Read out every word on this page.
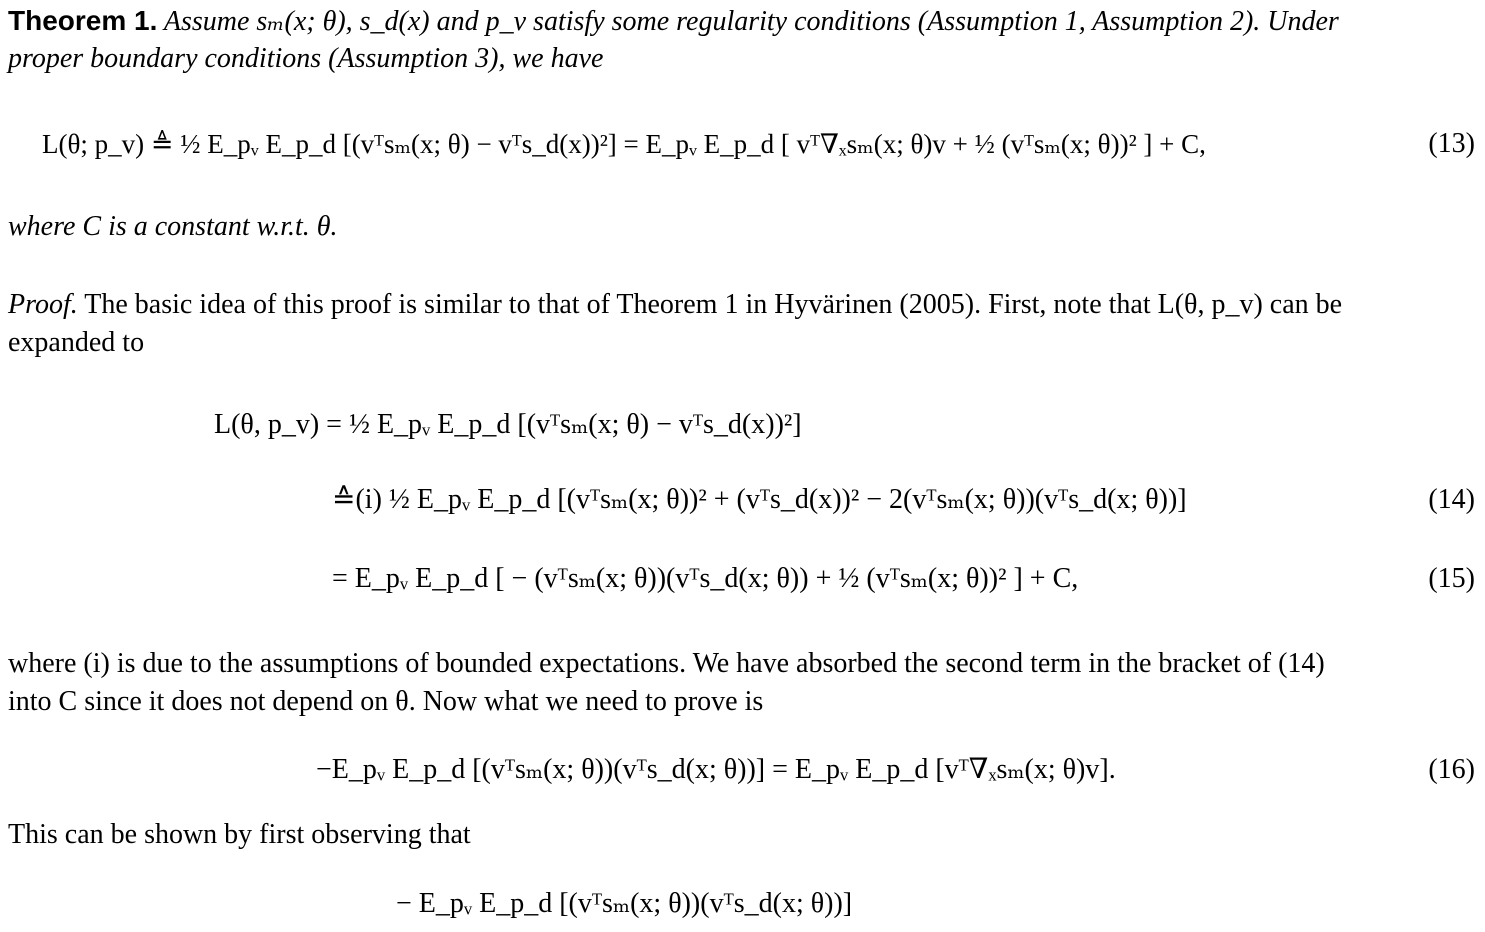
Theorem 1. Assume sₘ(x; θ), s_d(x) and p_v satisfy some regularity conditions (Assumption 1, Assumption 2). Under
proper boundary conditions (Assumption 3), we have
L(θ; p_v) ≜ ½ E_pᵥ E_p_d [(vᵀsₘ(x; θ) − vᵀs_d(x))²] = E_pᵥ E_p_d [ vᵀ∇ₓsₘ(x; θ)v + ½ (vᵀsₘ(x; θ))² ] + C,	(13)
where C is a constant w.r.t. θ.
Proof. The basic idea of this proof is similar to that of Theorem 1 in Hyvärinen (2005). First, note that L(θ, p_v) can be
expanded to
L(θ, p_v) = ½ E_pᵥ E_p_d [(vᵀsₘ(x; θ) − vᵀs_d(x))²]
≙(i) ½ E_pᵥ E_p_d [(vᵀsₘ(x; θ))² + (vᵀs_d(x))² − 2(vᵀsₘ(x; θ))(vᵀs_d(x; θ))]	(14)
= E_pᵥ E_p_d [ − (vᵀsₘ(x; θ))(vᵀs_d(x; θ)) + ½ (vᵀsₘ(x; θ))² ] + C,	(15)
where (i) is due to the assumptions of bounded expectations. We have absorbed the second term in the bracket of (14)
into C since it does not depend on θ. Now what we need to prove is
−E_pᵥ E_p_d [(vᵀsₘ(x; θ))(vᵀs_d(x; θ))] = E_pᵥ E_p_d [vᵀ∇ₓsₘ(x; θ)v].	(16)
This can be shown by first observing that
− E_pᵥ E_p_d [(vᵀsₘ(x; θ))(vᵀs_d(x; θ))]
